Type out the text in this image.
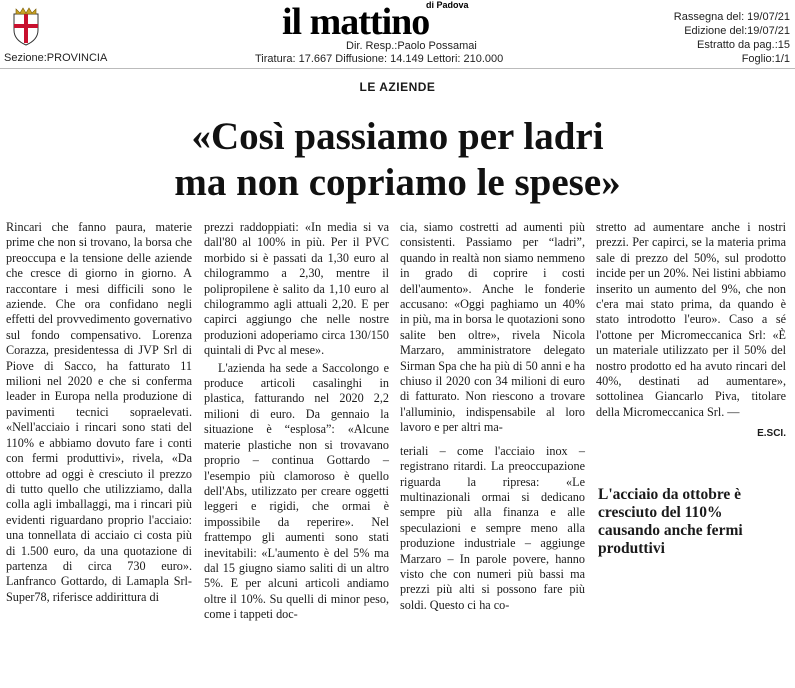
Sezione:PROVINCIA
il mattino
di Padova
Dir. Resp.:Paolo Possamai
Tiratura: 17.667 Diffusione: 14.149 Lettori: 210.000
Rassegna del: 19/07/21
Edizione del:19/07/21
Estratto da pag.:15
Foglio:1/1
LE AZIENDE
«Così passiamo per ladri
ma non copriamo le spese»

Rincari che fanno paura, materie prime che non si trovano, la borsa che preoccupa e la tensione delle aziende che cresce di giorno in giorno. A raccontare i mesi difficili sono le aziende. Che ora confidano negli effetti del provvedimento governativo sul fondo compensativo. Lorenza Corazza, presidentessa di JVP Srl di Piove di Sacco, ha fatturato 11 milioni nel 2020 e che si conferma leader in Europa nella produzione di pavimenti tecnici sopraelevati. «Nell'acciaio i rincari sono stati del 110% e abbiamo dovuto fare i conti con fermi produttivi», rivela, «Da ottobre ad oggi è cresciuto il prezzo di tutto quello che utilizziamo, dalla colla agli imballaggi, ma i rincari più evidenti riguardano proprio l'acciaio: una tonnellata di acciaio ci costa più di 1.500 euro, da una quotazione di partenza di circa 730 euro». Lanfranco Gottardo, di Lamapla Srl-Super78, riferisce addirittura di

prezzi raddoppiati: «In media si va dall'80 al 100% in più. Per il PVC morbido si è passati da 1,30 euro al chilogrammo a 2,30, mentre il polipropilene è salito da 1,10 euro al chilogrammo agli attuali 2,20. E per capirci aggiungo che nelle nostre produzioni adoperiamo circa 130/150 quintali di Pvc al mese».

L'azienda ha sede a Saccolongo e produce articoli casalinghi in plastica, fatturando nel 2020 2,2 milioni di euro. Da gennaio la situazione è “esplosa”: «Alcune materie plastiche non si trovavano proprio – continua Gottardo – l'esempio più clamoroso è quello dell'Abs, utilizzato per creare oggetti leggeri e rigidi, che ormai è impossibile da reperire». Nel frattempo gli aumenti sono stati inevitabili: «L'aumento è del 5% ma dal 15 giugno siamo saliti di un altro 5%. E per alcuni articoli andiamo oltre il 10%. Su quelli di minor peso, come i tappeti doc-

cia, siamo costretti ad aumenti più consistenti. Passiamo per “ladri”, quando in realtà non siamo nemmeno in grado di coprire i costi dell'aumento». Anche le fonderie accusano: «Oggi paghiamo un 40% in più, ma in borsa le quotazioni sono salite ben oltre», rivela Nicola Marzaro, amministratore delegato Sirman Spa che ha più di 50 anni e ha chiuso il 2020 con 34 milioni di euro di fatturato. Non riescono a trovare l'alluminio, indispensabile al loro lavoro e per altri ma-

teriali – come l'acciaio inox – registrano ritardi. La preoccupazione riguarda la ripresa: «Le multinazionali ormai si dedicano sempre più alla finanza e alle speculazioni e sempre meno alla produzione industriale – aggiunge Marzaro – In parole povere, hanno visto che con numeri più bassi ma prezzi più alti si possono fare più soldi. Questo ci ha co-

stretto ad aumentare anche i nostri prezzi. Per capirci, se la materia prima sale di prezzo del 50%, sul prodotto incide per un 20%. Nei listini abbiamo inserito un aumento del 9%, che non c'era mai stato prima, da quando è stato introdotto l'euro». Caso a sé l'ottone per Micromeccanica Srl: «È un materiale utilizzato per il 50% del nostro prodotto ed ha avuto rincari del 40%, destinati ad aumentare», sottolinea Giancarlo Piva, titolare della Micromeccanica Srl. —

E.SCI.
L'acciaio da ottobre è cresciuto del 110% causando anche fermi produttivi
